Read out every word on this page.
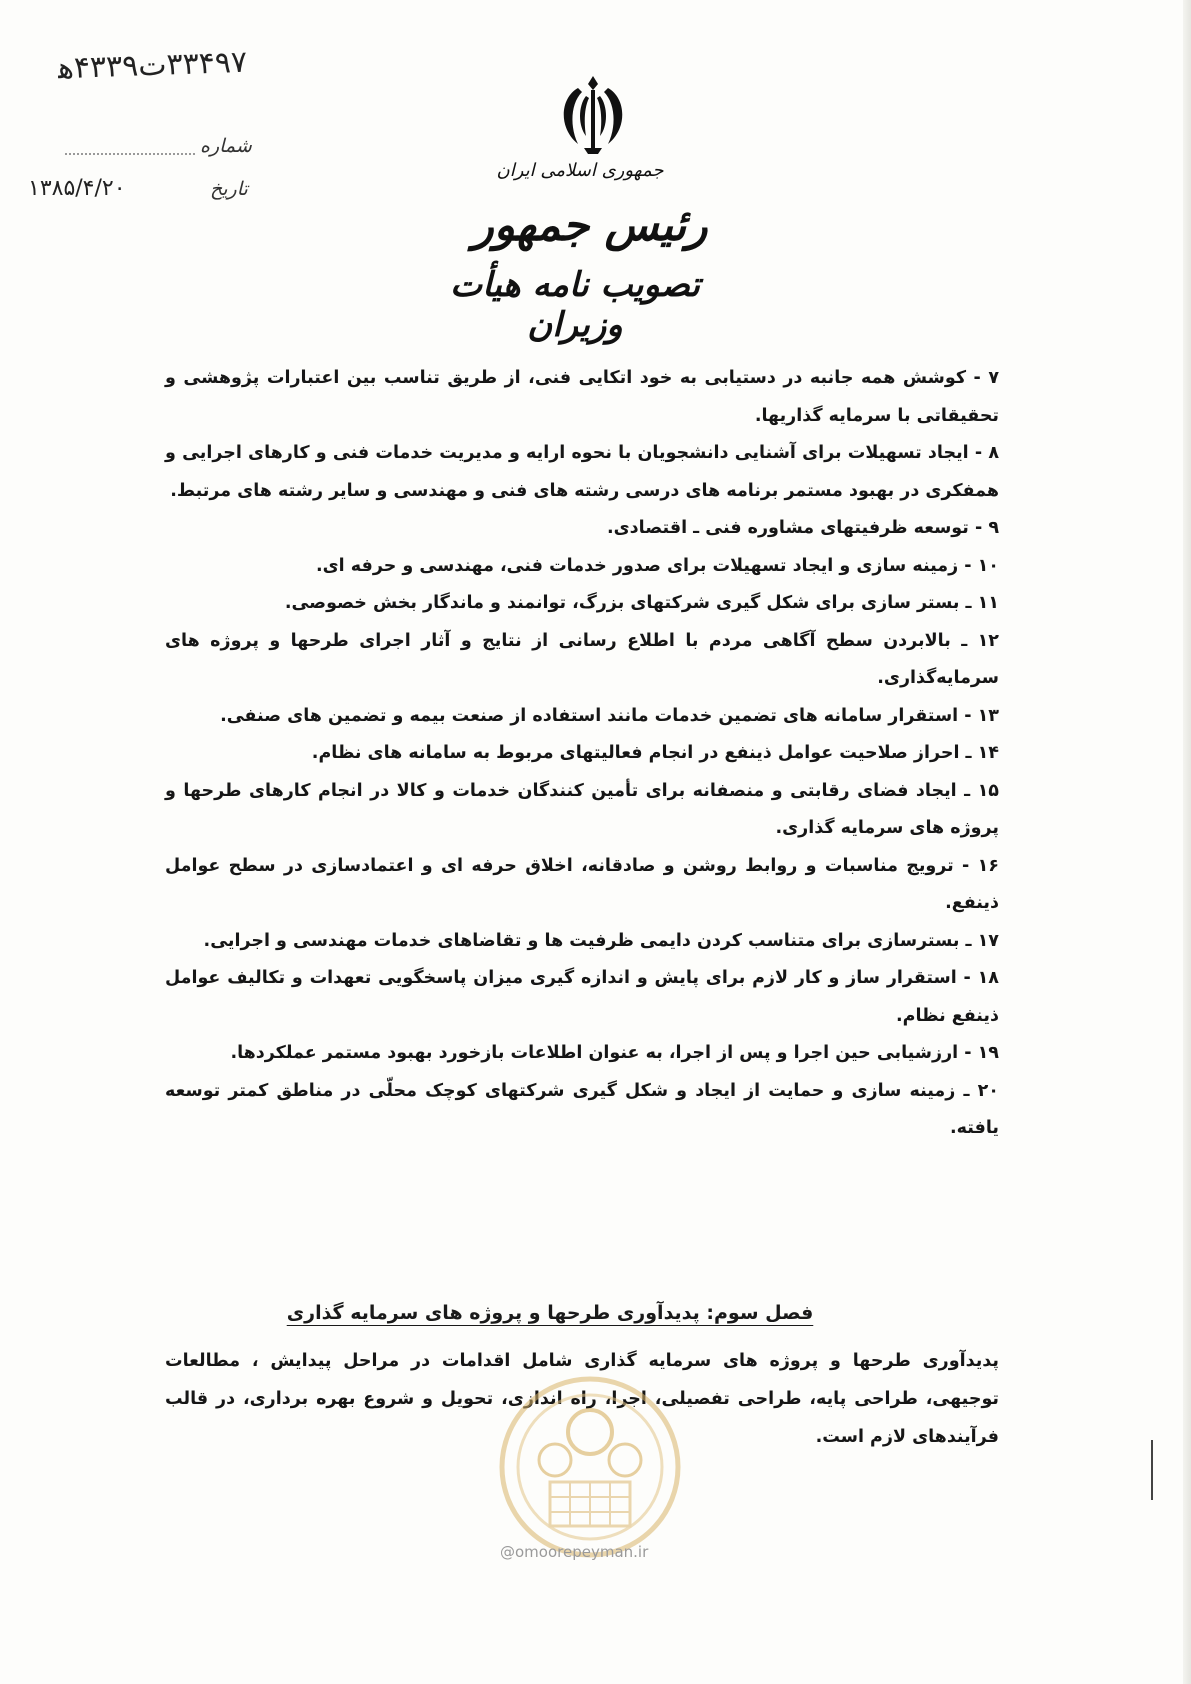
۳۳۴۹۷ت۴۳۳۹ه‍
شماره
تاریخ
۱۳۸۵/۴/۲۰
جمهوری اسلامی ایران
رئیس جمهور
تصویب نامه هیأت وزیران

۷ - کوشش همه جانبه در دستیابی به خود اتکایی فنی، از طریق تناسب بین اعتبارات پژوهشی و تحقیقاتی با سرمایه گذاریها.

۸ - ایجاد تسهیلات برای آشنایی دانشجویان با نحوه ارایه و مدیریت خدمات فنی و کارهای اجرایی و همفکری در بهبود مستمر برنامه های درسی رشته های فنی و مهندسی و سایر رشته های مرتبط.

۹ - توسعه ظرفیتهای مشاوره فنی ـ اقتصادی.

۱۰ - زمینه سازی و ایجاد تسهیلات برای صدور خدمات فنی، مهندسی و حرفه ای.

۱۱ ـ بستر سازی برای شکل گیری شرکتهای بزرگ، توانمند و ماندگار بخش خصوصی.

۱۲ ـ بالابردن سطح آگاهی مردم با اطلاع رسانی از نتایج و آثار اجرای طرحها و پروژه های سرمایه‌گذاری.

۱۳ - استقرار سامانه های تضمین خدمات مانند استفاده از صنعت بیمه و تضمین های صنفی.

۱۴ ـ احراز صلاحیت عوامل ذینفع در انجام فعالیتهای مربوط به سامانه های نظام.

۱۵ ـ ایجاد فضای رقابتی و منصفانه برای تأمین کنندگان خدمات و کالا در انجام کارهای طرحها و پروژه های سرمایه گذاری.

۱۶ - ترویج مناسبات و روابط روشن و صادقانه، اخلاق حرفه ای و اعتمادسازی در سطح عوامل ذینفع.

۱۷ ـ بسترسازی برای متناسب کردن دایمی ظرفیت ها و تقاضاهای خدمات مهندسی و اجرایی.

۱۸ - استقرار ساز و کار لازم برای پایش و اندازه گیری میزان پاسخگویی تعهدات و تکالیف عوامل ذینفع نظام.

۱۹ - ارزشیابی حین اجرا و پس از اجرا، به عنوان اطلاعات بازخورد بهبود مستمر عملکردها.

۲۰ ـ زمینه سازی و حمایت از ایجاد و شکل گیری شرکتهای کوچک محلّی در مناطق کمتر توسعه یافته.

فصل سوم: پدیدآوری طرحها و پروژه های سرمایه گذاری

پدیدآوری طرحها و پروژه های سرمایه گذاری شامل اقدامات در مراحل پیدایش ، مطالعات توجیهی، طراحی پایه، طراحی تفصیلی، اجرا، راه اندازی، تحویل و شروع بهره برداری، در قالب فرآیندهای لازم است.

@omoorepeyman.ir
